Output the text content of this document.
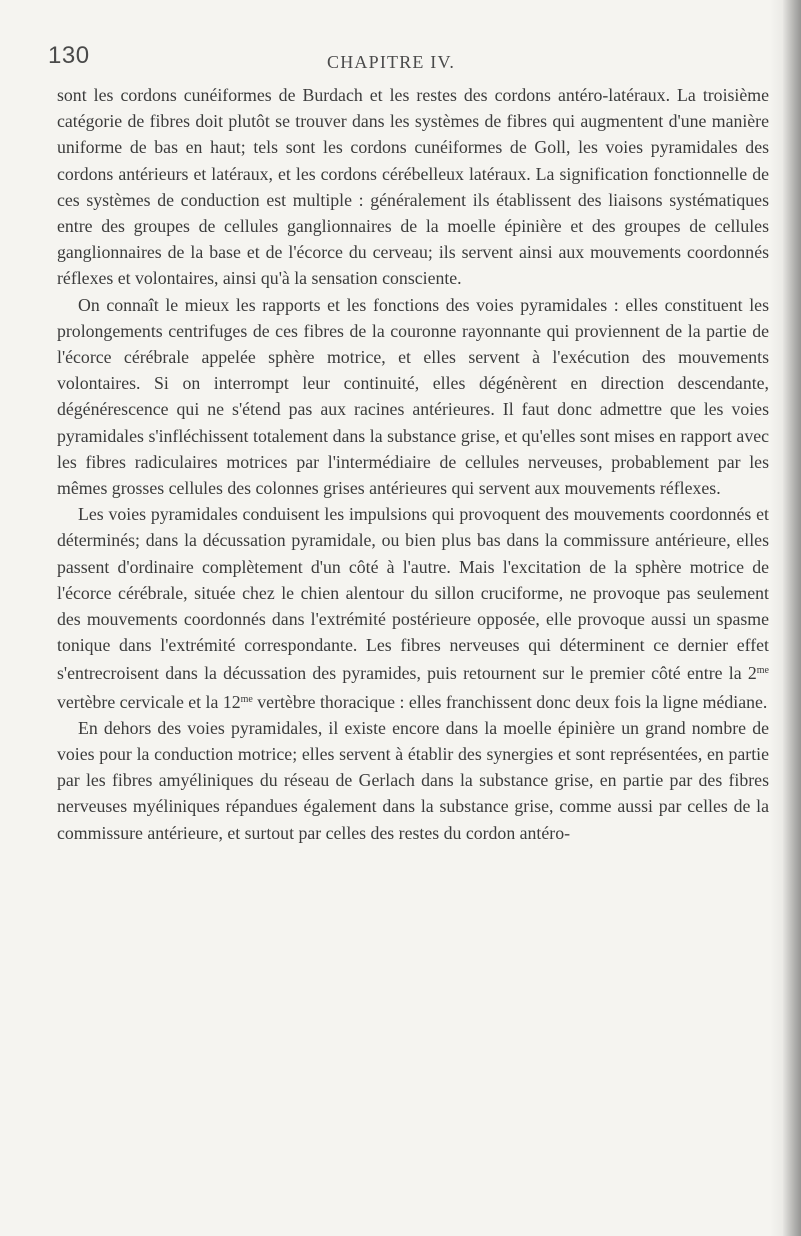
130	CHAPITRE IV.

sont les cordons cunéiformes de Burdach et les restes des cordons antéro-latéraux. La troisième catégorie de fibres doit plutôt se trouver dans les systèmes de fibres qui augmentent d'une manière uniforme de bas en haut; tels sont les cordons cunéiformes de Goll, les voies pyramidales des cordons antérieurs et latéraux, et les cordons cérébelleux latéraux. La signification fonctionnelle de ces systèmes de conduction est multiple : généralement ils établissent des liaisons systématiques entre des groupes de cellules ganglionnaires de la moelle épinière et des groupes de cellules ganglionnaires de la base et de l'écorce du cerveau; ils servent ainsi aux mouvements coordonnés réflexes et volontaires, ainsi qu'à la sensation consciente.

On connaît le mieux les rapports et les fonctions des voies pyramidales : elles constituent les prolongements centrifuges de ces fibres de la couronne rayonnante qui proviennent de la partie de l'écorce cérébrale appelée sphère motrice, et elles servent à l'exécution des mouvements volontaires. Si on interrompt leur continuité, elles dégénèrent en direction descendante, dégénérescence qui ne s'étend pas aux racines antérieures. Il faut donc admettre que les voies pyramidales s'infléchissent totalement dans la substance grise, et qu'elles sont mises en rapport avec les fibres radiculaires motrices par l'intermédiaire de cellules nerveuses, probablement par les mêmes grosses cellules des colonnes grises antérieures qui servent aux mouvements réflexes.

Les voies pyramidales conduisent les impulsions qui provoquent des mouvements coordonnés et déterminés; dans la décussation pyramidale, ou bien plus bas dans la commissure antérieure, elles passent d'ordinaire complètement d'un côté à l'autre. Mais l'excitation de la sphère motrice de l'écorce cérébrale, située chez le chien alentour du sillon cruciforme, ne provoque pas seulement des mouvements coordonnés dans l'extrémité postérieure opposée, elle provoque aussi un spasme tonique dans l'extrémité correspondante. Les fibres nerveuses qui déterminent ce dernier effet s'entrecroisent dans la décussation des pyramides, puis retournent sur le premier côté entre la $2^{me}$ vertèbre cervicale et la $12^{me}$ vertèbre thoracique : elles franchissent donc deux fois la ligne médiane.

En dehors des voies pyramidales, il existe encore dans la moelle épinière un grand nombre de voies pour la conduction motrice; elles servent à établir des synergies et sont représentées, en partie par les fibres amyéliniques du réseau de Gerlach dans la substance grise, en partie par des fibres nerveuses myéliniques répandues également dans la substance grise, comme aussi par celles de la commissure antérieure, et surtout par celles des restes du cordon antéro-
